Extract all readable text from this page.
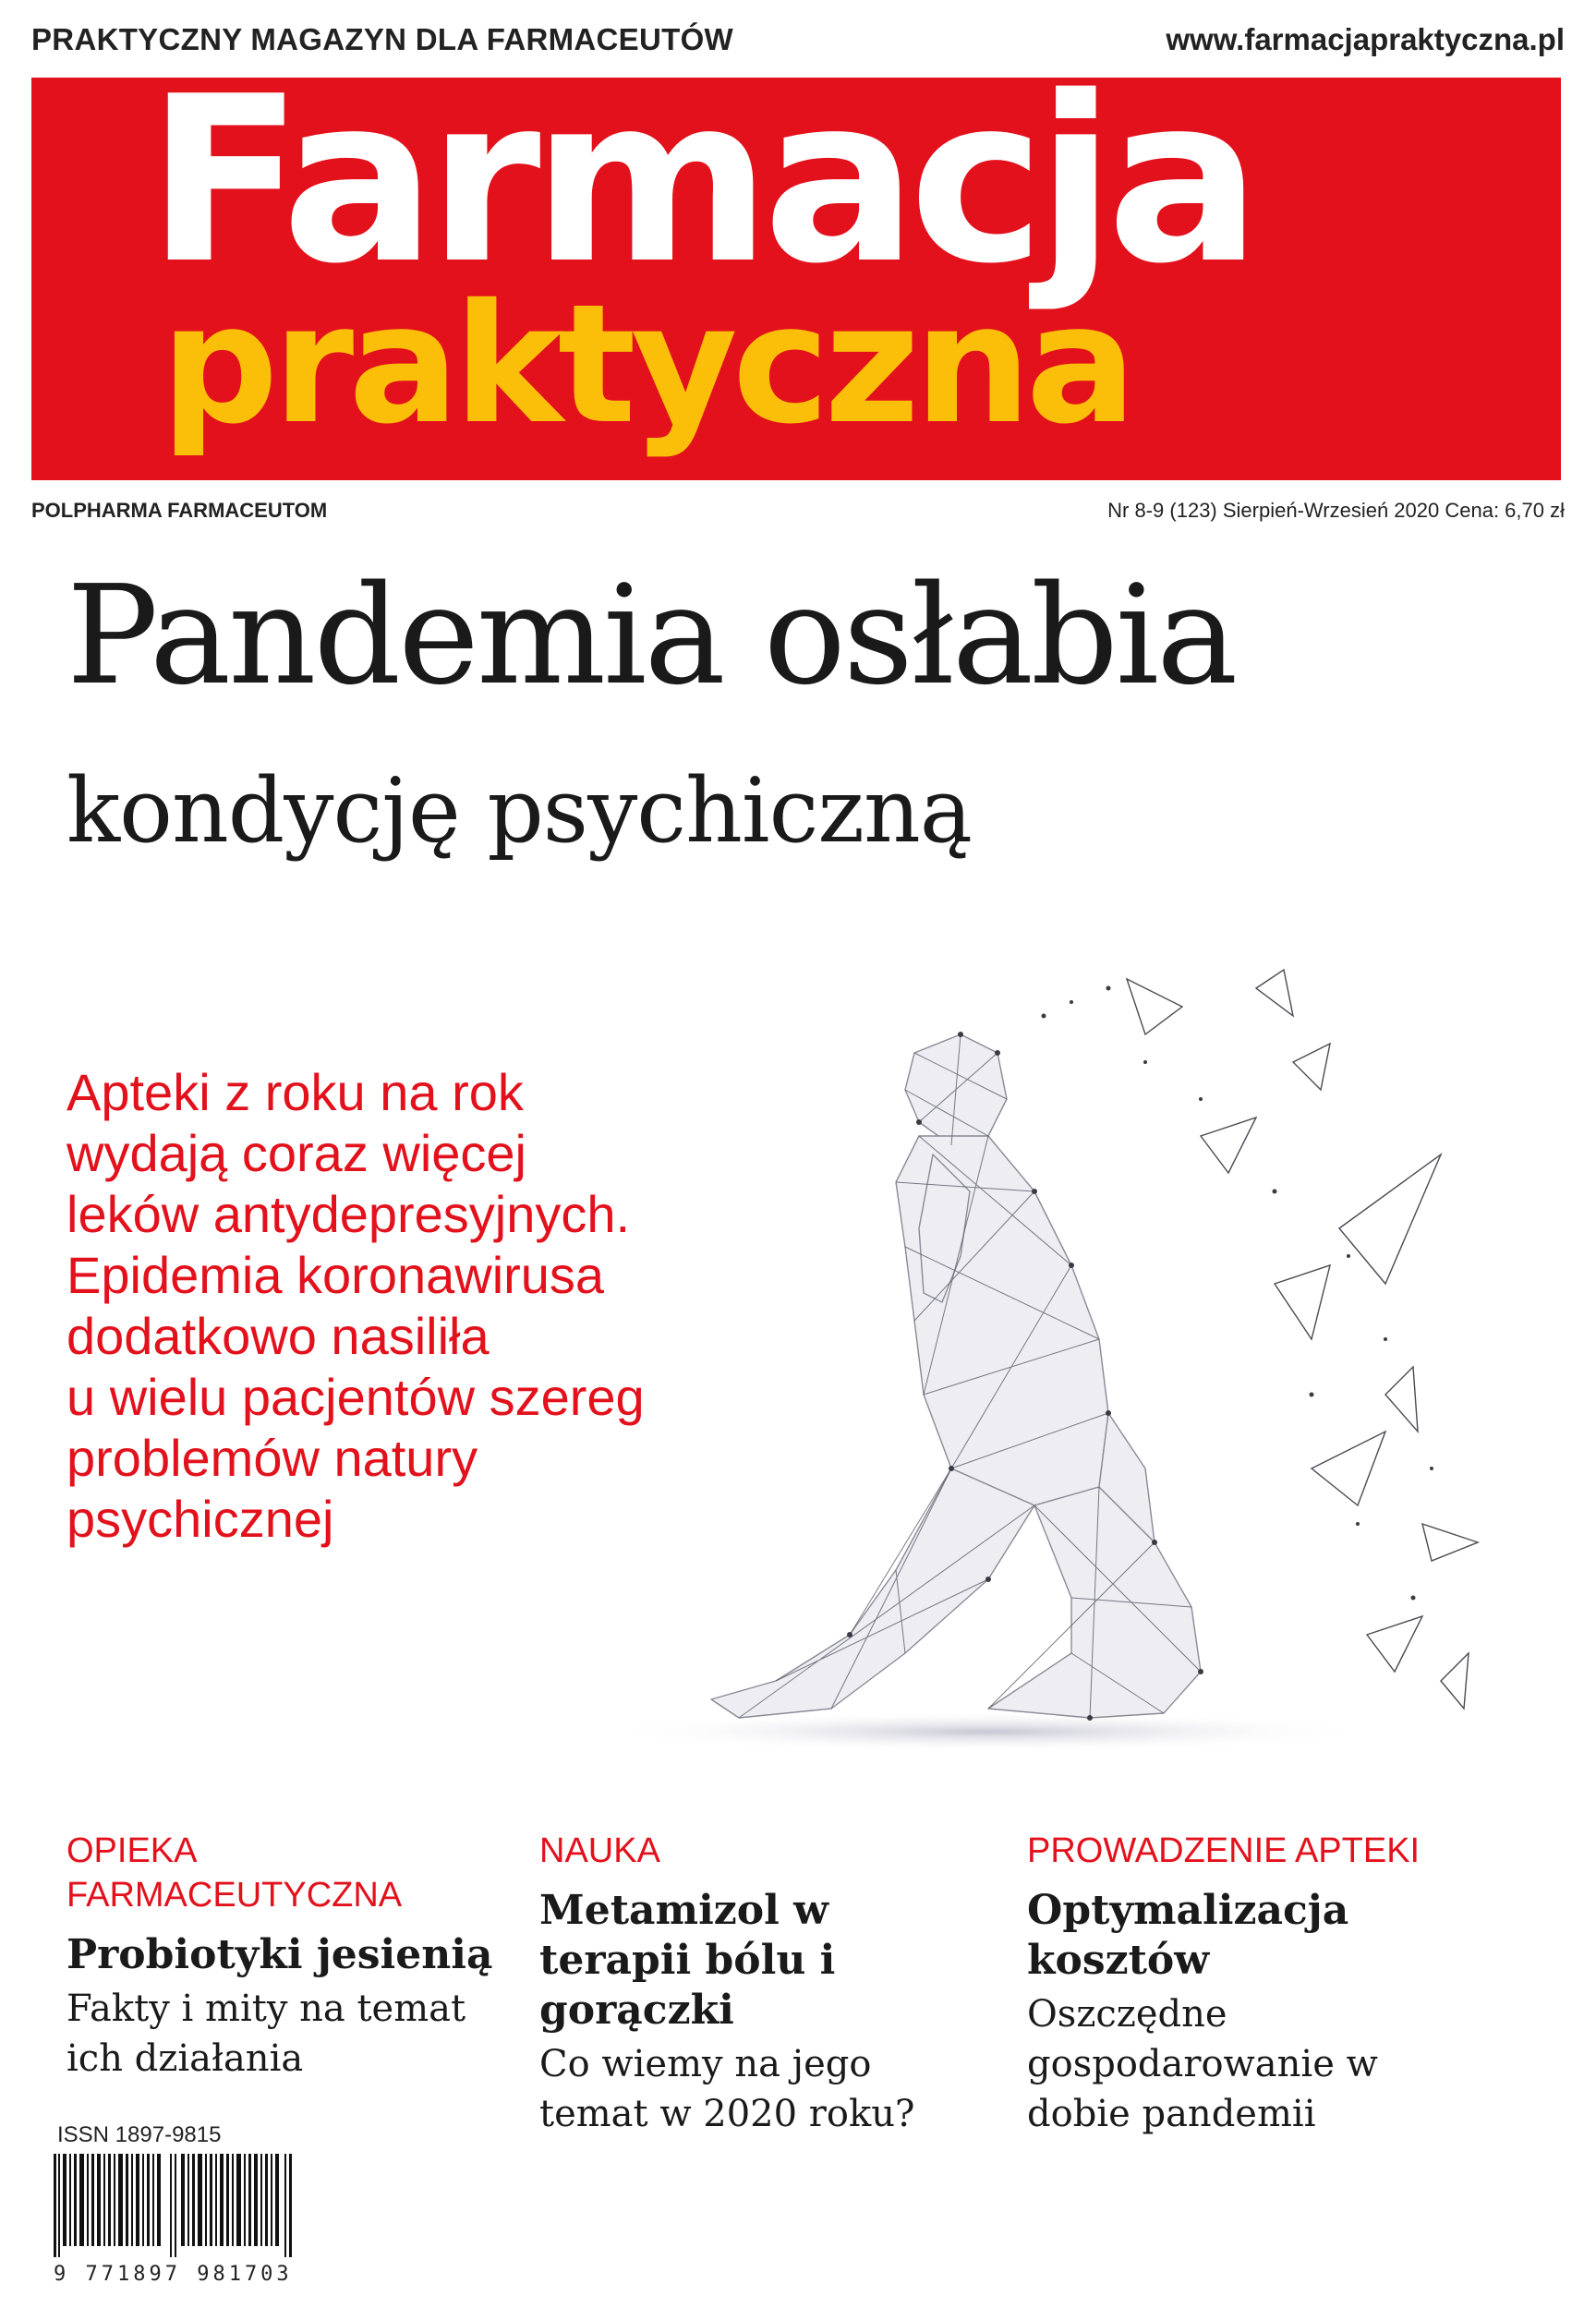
PRAKTYCZNY MAGAZYN DLA FARMACEUTÓW	www.farmacjapraktyczna.pl
Farmacja
praktyczna
POLPHARMA FARMACEUTOM	Nr 8-9 (123) Sierpień-Wrzesień 2020 Cena: 6,70 zł
Pandemia osłabia
kondycję psychiczną
Apteki z roku na rok
wydają coraz więcej
leków antydepresyjnych.
Epidemia koronawirusa
dodatkowo nasiliła
u wielu pacjentów szereg
problemów natury
psychicznej
OPIEKA FARMACEUTYCZNA
Probiotyki jesienią
Fakty i mity na temat ich działania
NAUKA
Metamizol w terapii bólu i gorączki
Co wiemy na jego temat w 2020 roku?
PROWADZENIE APTEKI
Optymalizacja kosztów
Oszczędne gospodarowanie w dobie pandemii
ISSN 1897-9815
9 771897 981703
